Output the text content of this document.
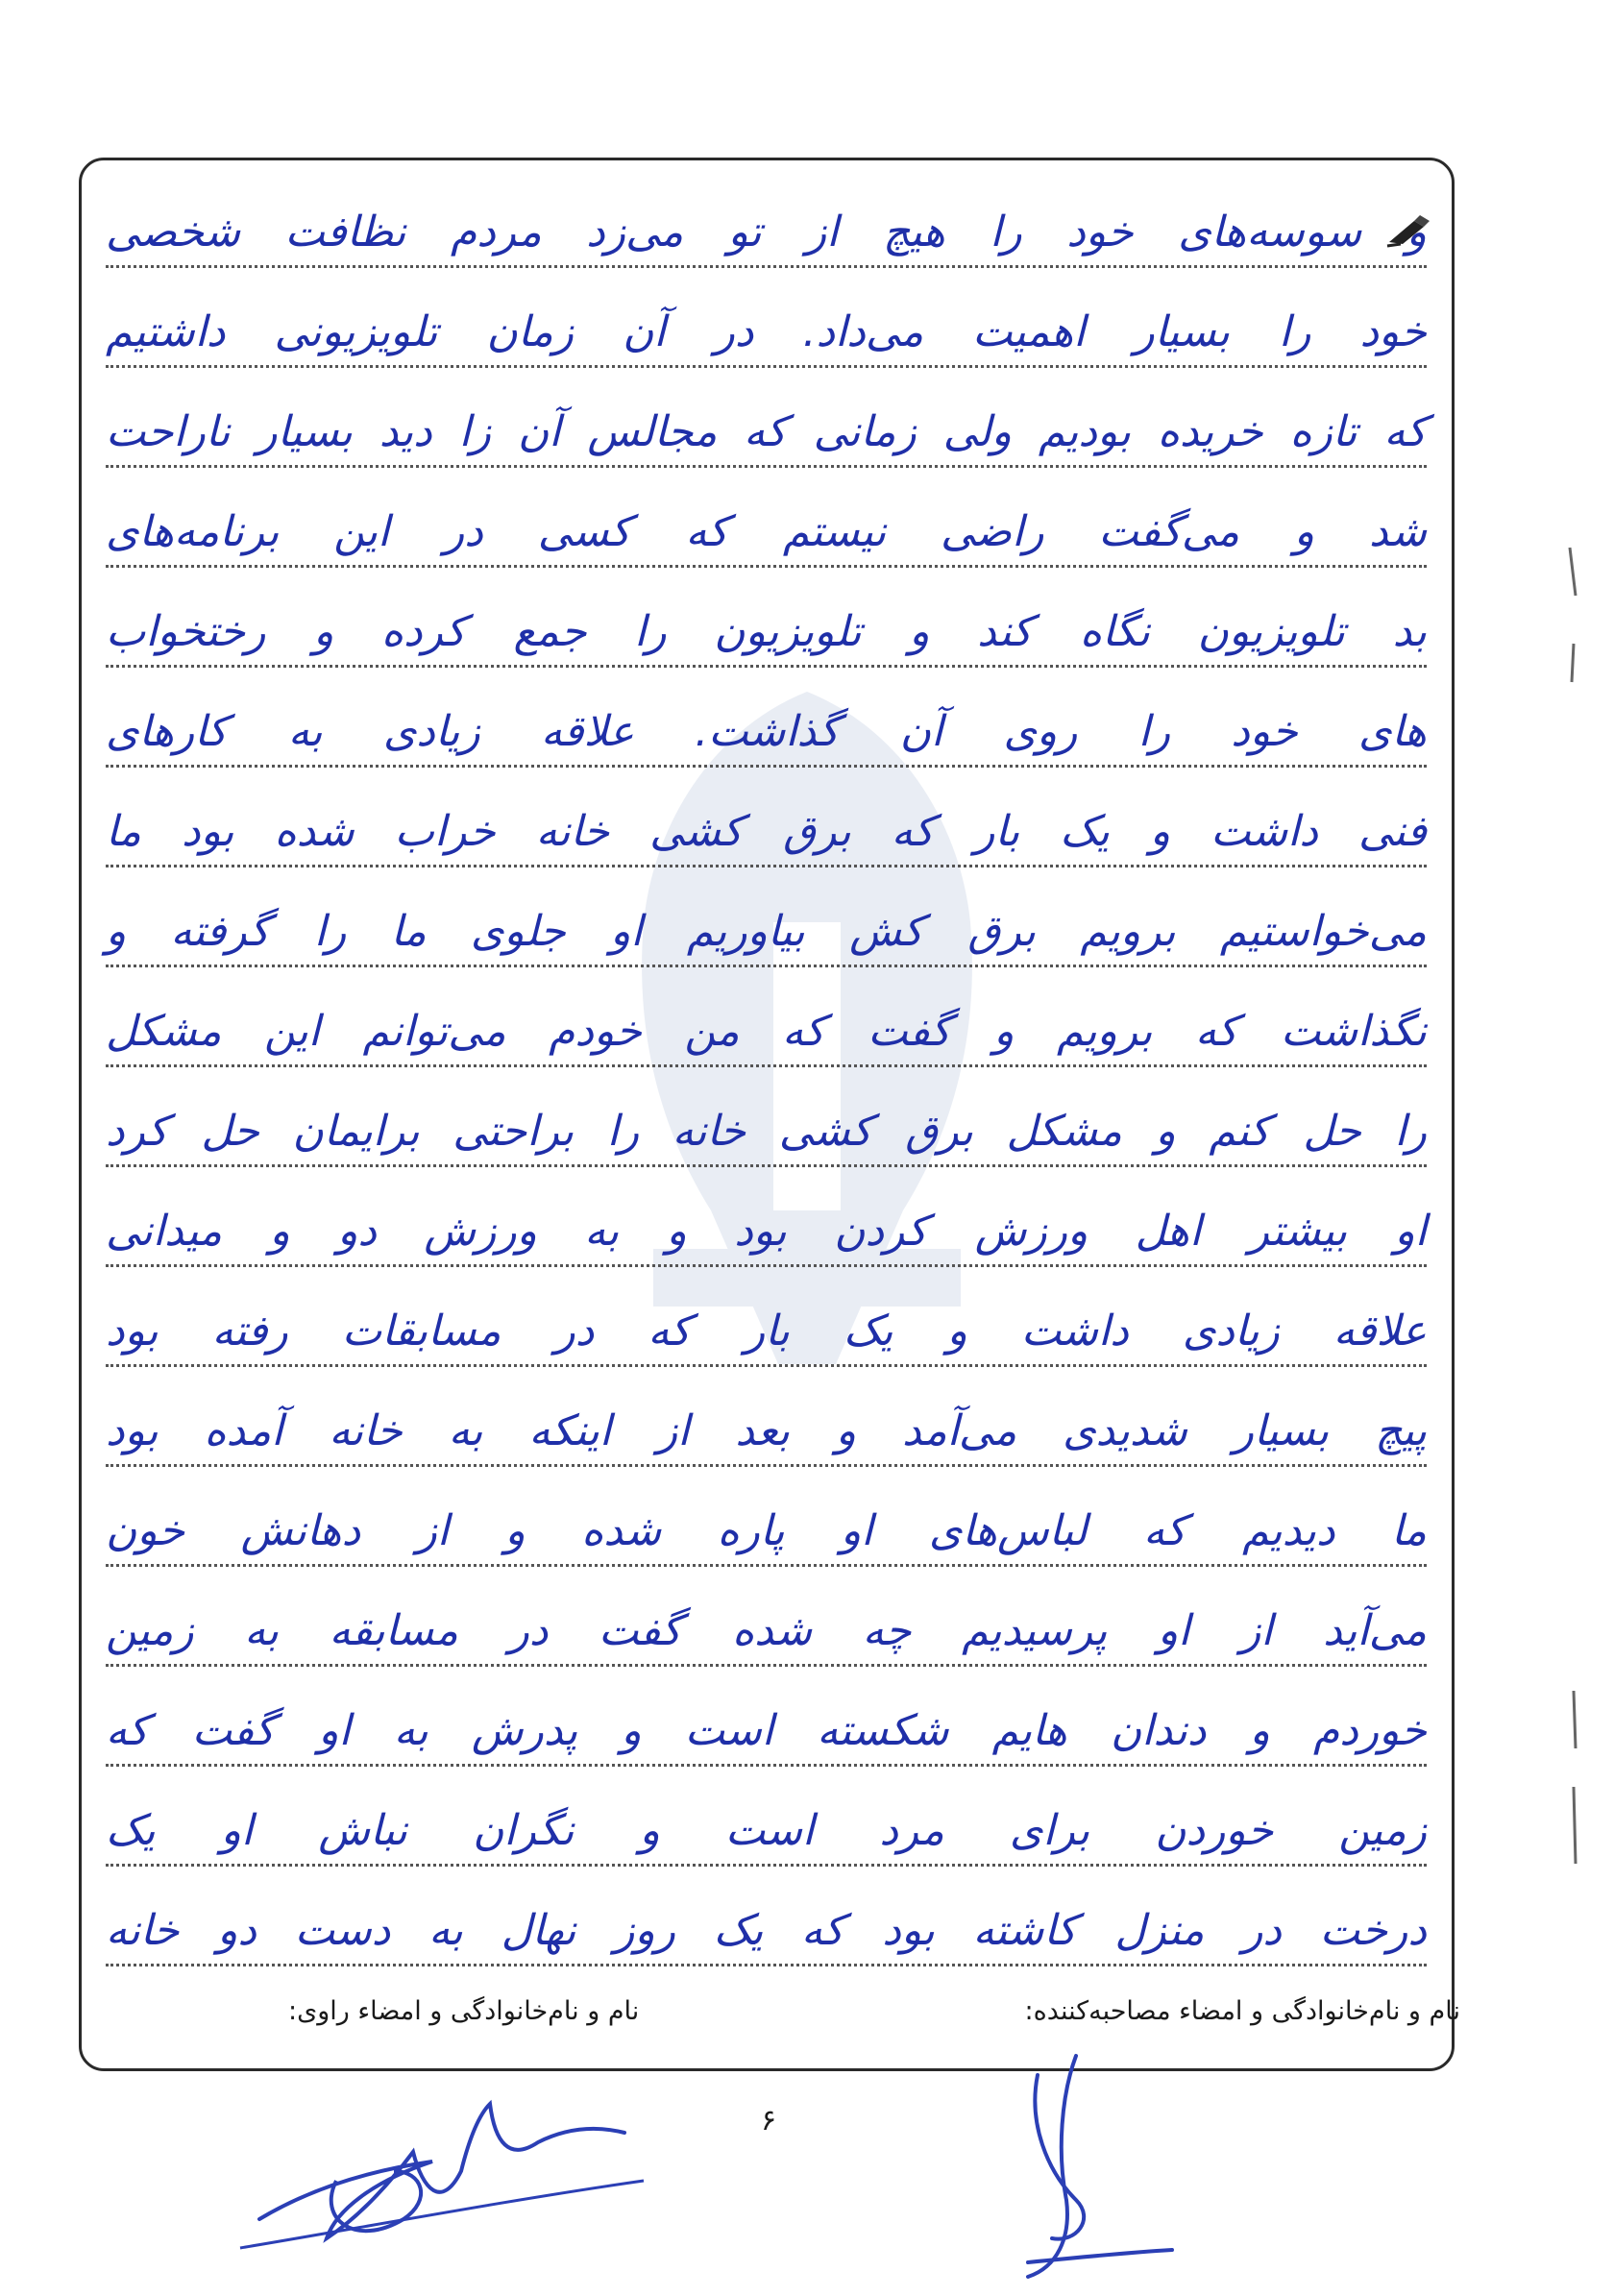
و سوسه‌های خود را هیچ از تو می‌زد مردم نظافت شخصی
خود را بسیار اهمیت می‌داد. در آن زمان تلویزیونی داشتیم
که تازه خریده بودیم ولی زمانی که مجالس آن زا دید بسیار ناراحت
شد و می‌گفت راضی نیستم که کسی در این برنامه‌های
بد تلویزیون نگاه کند و تلویزیون را جمع کرده و رختخواب
های خود را روی آن گذاشت. علاقه زیادی به کارهای
فنی داشت و یک بار که برق کشی خانه خراب شده بود ما
می‌خواستیم برویم برق کش بیاوریم او جلوی ما را گرفته و
نگذاشت که برویم و گفت که من خودم می‌توانم این مشکل
را حل کنم و مشکل برق کشی خانه را براحتی برایمان حل کرد
او بیشتر اهل ورزش کردن بود و به ورزش دو و میدانی
علاقه زیادی داشت و یک بار که در مسابقات رفته بود
پیچ بسیار شدیدی می‌آمد و بعد از اینکه به خانه آمده بود
ما دیدیم که لباس‌های او پاره شده و از دهانش خون
می‌آید از او پرسیدیم چه شده گفت در مسابقه به زمین
خوردم و دندان هایم شکسته است و پدرش به او گفت که
زمین خوردن برای مرد است و نگران نباش او یک
درخت در منزل کاشته بود که یک روز نهال به دست دو خانه
نام و نام‌خانوادگی و امضاء مصاحبه‌کننده:
نام و نام‌خانوادگی و امضاء راوی:
۶
